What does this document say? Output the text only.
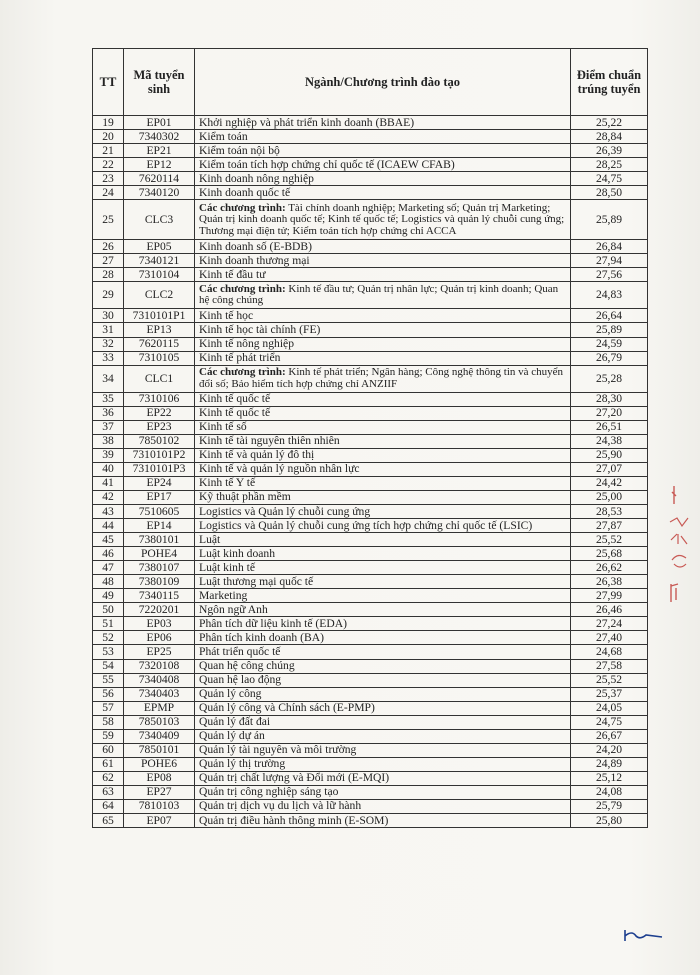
TT	Mã tuyển sinh	Ngành/Chương trình đào tạo	Điểm chuẩn trúng tuyển
19	EP01	Khởi nghiệp và phát triển kinh doanh (BBAE)	25,22
20	7340302	Kiểm toán	28,84
21	EP21	Kiểm toán nội bộ	26,39
22	EP12	Kiểm toán tích hợp chứng chỉ quốc tế (ICAEW CFAB)	28,25
23	7620114	Kinh doanh nông nghiệp	24,75
24	7340120	Kinh doanh quốc tế	28,50
25	CLC3	Các chương trình: Tài chính doanh nghiệp; Marketing số; Quản trị Marketing; Quản trị kinh doanh quốc tế; Kinh tế quốc tế; Logistics và quản lý chuỗi cung ứng; Thương mại điện tử; Kiểm toán tích hợp chứng chỉ ACCA	25,89
26	EP05	Kinh doanh số (E-BDB)	26,84
27	7340121	Kinh doanh thương mại	27,94
28	7310104	Kinh tế đầu tư	27,56
29	CLC2	Các chương trình: Kinh tế đầu tư; Quản trị nhân lực; Quản trị kinh doanh; Quan hệ công chúng	24,83
30	7310101P1	Kinh tế học	26,64
31	EP13	Kinh tế học tài chính (FE)	25,89
32	7620115	Kinh tế nông nghiệp	24,59
33	7310105	Kinh tế phát triển	26,79
34	CLC1	Các chương trình: Kinh tế phát triển; Ngân hàng; Công nghệ thông tin và chuyển đổi số; Bảo hiểm tích hợp chứng chỉ ANZIIF	25,28
35	7310106	Kinh tế quốc tế	28,30
36	EP22	Kinh tế quốc tế	27,20
37	EP23	Kinh tế số	26,51
38	7850102	Kinh tế tài nguyên thiên nhiên	24,38
39	7310101P2	Kinh tế và quản lý đô thị	25,90
40	7310101P3	Kinh tế và quản lý nguồn nhân lực	27,07
41	EP24	Kinh tế Y tế	24,42
42	EP17	Kỹ thuật phần mềm	25,00
43	7510605	Logistics và Quản lý chuỗi cung ứng	28,53
44	EP14	Logistics và Quản lý chuỗi cung ứng tích hợp chứng chỉ quốc tế (LSIC)	27,87
45	7380101	Luật	25,52
46	POHE4	Luật kinh doanh	25,68
47	7380107	Luật kinh tế	26,62
48	7380109	Luật thương mại quốc tế	26,38
49	7340115	Marketing	27,99
50	7220201	Ngôn ngữ Anh	26,46
51	EP03	Phân tích dữ liệu kinh tế (EDA)	27,24
52	EP06	Phân tích kinh doanh (BA)	27,40
53	EP25	Phát triển quốc tế	24,68
54	7320108	Quan hệ công chúng	27,58
55	7340408	Quan hệ lao động	25,52
56	7340403	Quản lý công	25,37
57	EPMP	Quản lý công và Chính sách (E-PMP)	24,05
58	7850103	Quản lý đất đai	24,75
59	7340409	Quản lý dự án	26,67
60	7850101	Quản lý tài nguyên và môi trường	24,20
61	POHE6	Quản lý thị trường	24,89
62	EP08	Quản trị chất lượng và Đổi mới (E-MQI)	25,12
63	EP27	Quản trị công nghiệp sáng tạo	24,08
64	7810103	Quản trị dịch vụ du lịch và lữ hành	25,79
65	EP07	Quản trị điều hành thông minh (E-SOM)	25,80
